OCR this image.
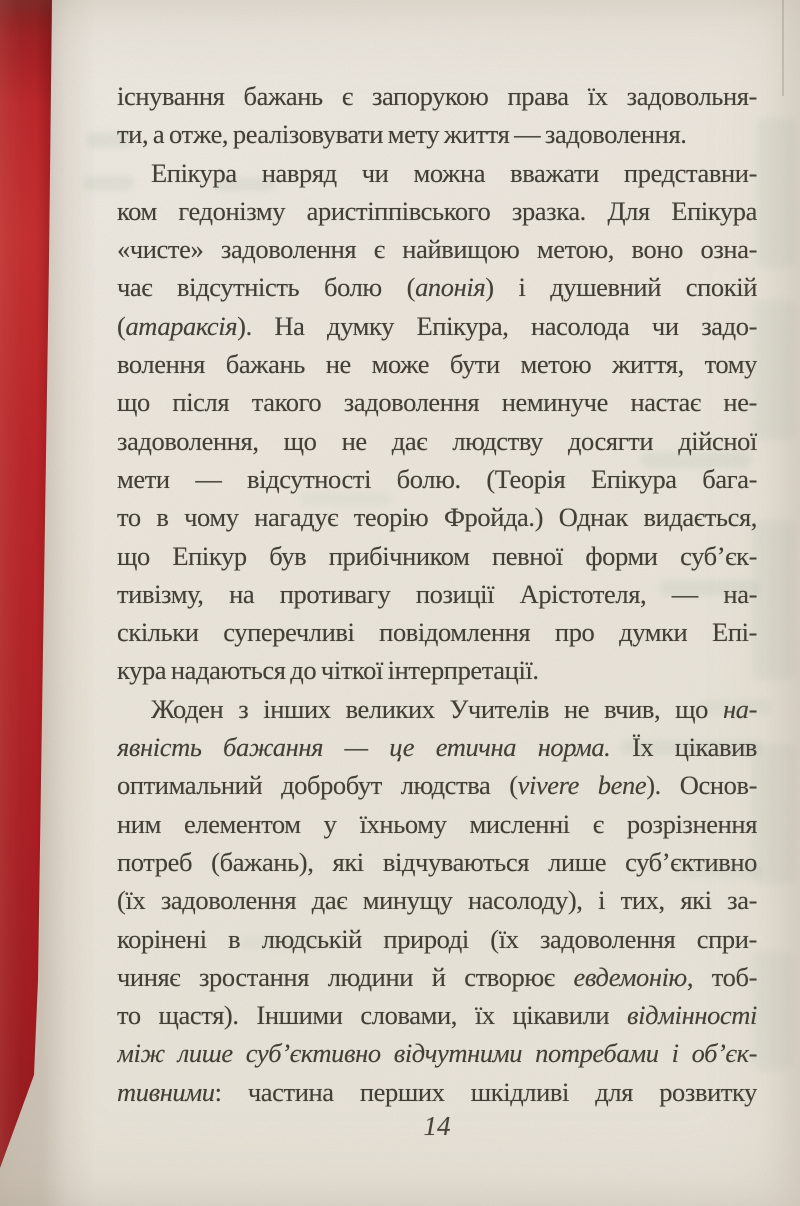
існування бажань є запорукою права їх задовольня-
ти, а отже, реалізовувати мету життя — задоволення.
Епікура навряд чи можна вважати представни-
ком гедонізму аристіппівського зразка. Для Епікура
«чисте» задоволення є найвищою метою, воно озна-
чає відсутність болю (апонія) і душевний спокій
(атараксія). На думку Епікура, насолода чи задо-
волення бажань не може бути метою життя, тому
що після такого задоволення неминуче настає не-
задоволення, що не дає людству досягти дійсної
мети — відсутності болю. (Теорія Епікура бага-
то в чому нагадує теорію Фройда.) Однак видається,
що Епікур був прибічником певної форми суб’єк-
тивізму, на противагу позиції Арістотеля, — на-
скільки суперечливі повідомлення про думки Епі-
кура надаються до чіткої інтерпретації.
Жоден з інших великих Учителів не вчив, що на-
явність бажання — це етична норма. Їх цікавив
оптимальний добробут людства (vivere bene). Основ-
ним елементом у їхньому мисленні є розрізнення
потреб (бажань), які відчуваються лише суб’єктивно
(їх задоволення дає минущу насолоду), і тих, які за-
корінені в людській природі (їх задоволення спри-
чиняє зростання людини й створює евдемонію, тоб-
то щастя). Іншими словами, їх цікавили відмінності
між лише суб’єктивно відчутними потребами і об’єк-
тивними: частина перших шкідливі для розвитку
14
